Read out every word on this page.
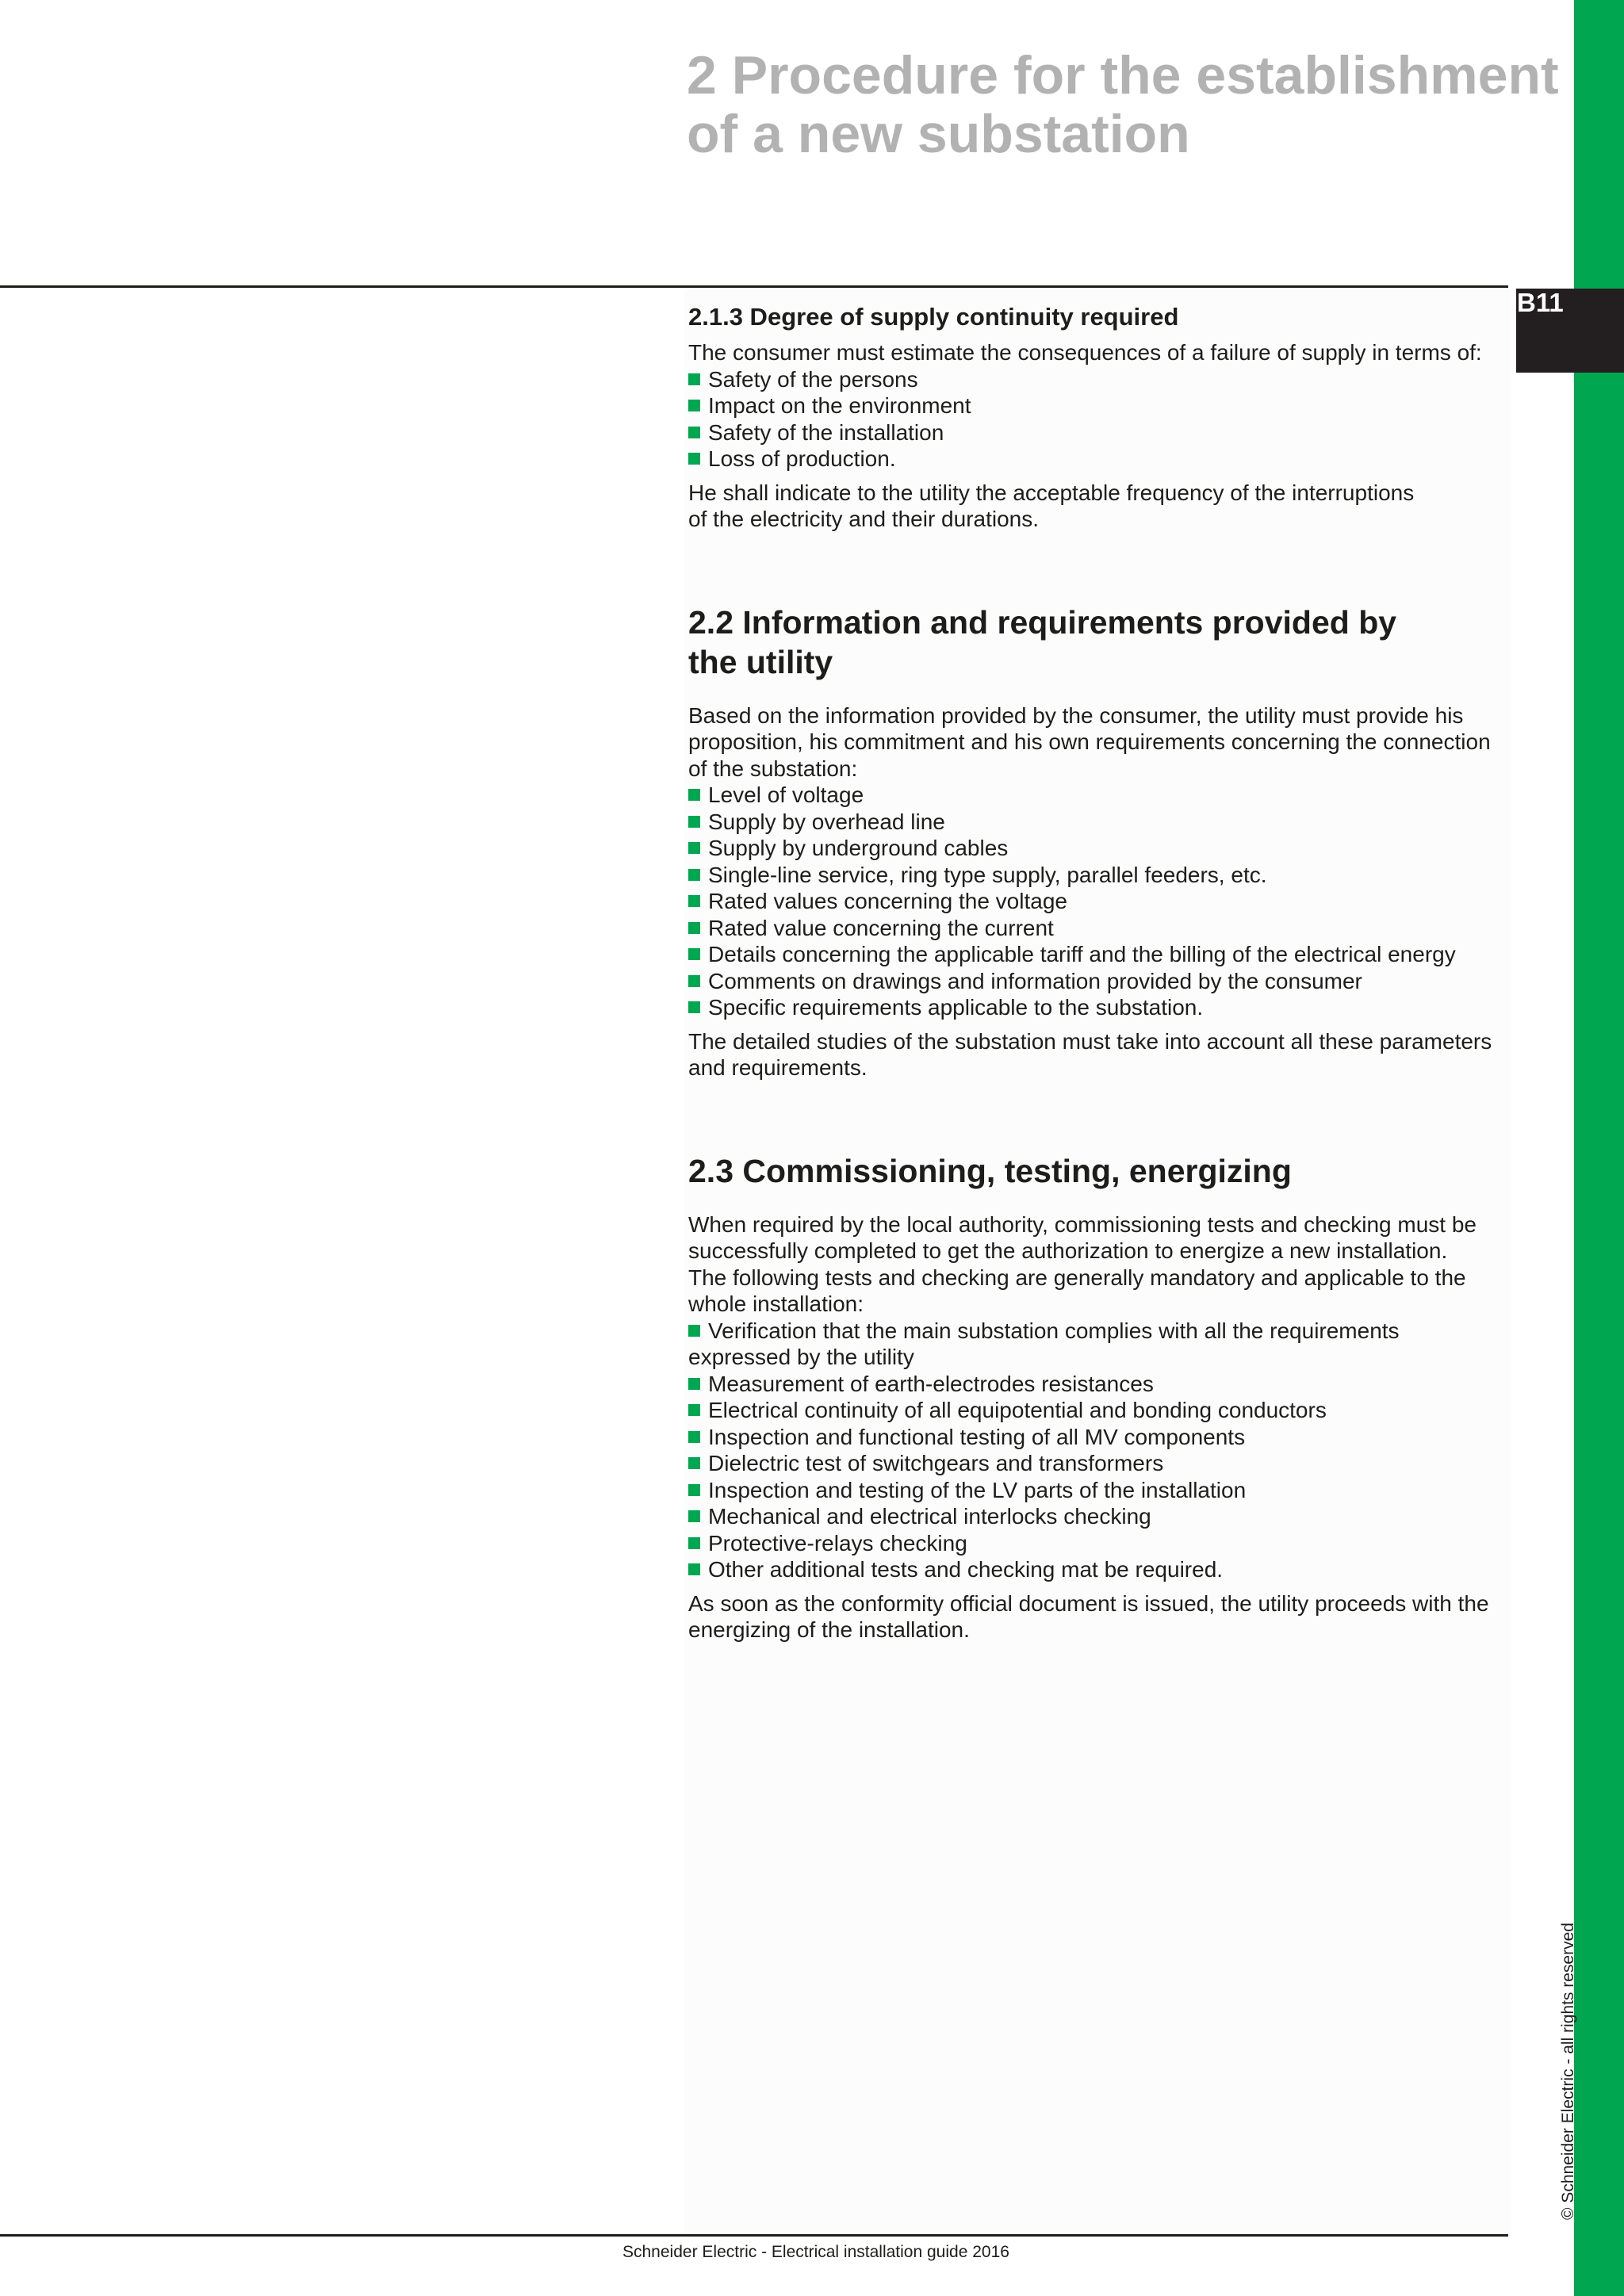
2 Procedure for the establishment of a new substation
B11
2.1.3 Degree of supply continuity required

The consumer must estimate the consequences of a failure of supply in terms of:

Safety of the persons
Impact on the environment
Safety of the installation
Loss of production.

He shall indicate to the utility the acceptable frequency of the interruptions of the electricity and their durations.

2.2 Information and requirements provided by the utility

Based on the information provided by the consumer, the utility must provide his proposition, his commitment and his own requirements concerning the connection of the substation:

Level of voltage
Supply by overhead line
Supply by underground cables
Single-line service, ring type supply, parallel feeders, etc.
Rated values concerning the voltage
Rated value concerning the current
Details concerning the applicable tariff and the billing of the electrical energy
Comments on drawings and information provided by the consumer
Specific requirements applicable to the substation.

The detailed studies of the substation must take into account all these parameters and requirements.

2.3 Commissioning, testing, energizing

When required by the local authority, commissioning tests and checking must be successfully completed to get the authorization to energize a new installation.

The following tests and checking are generally mandatory and applicable to the whole installation:

Verification that the main substation complies with all the requirements expressed by the utility
Measurement of earth-electrodes resistances
Electrical continuity of all equipotential and bonding conductors
Inspection and functional testing of all MV components
Dielectric test of switchgears and transformers
Inspection and testing of the LV parts of the installation
Mechanical and electrical interlocks checking
Protective-relays checking
Other additional tests and checking mat be required.

As soon as the conformity official document is issued, the utility proceeds with the energizing of the installation.

Schneider Electric - Electrical installation guide 2016
© Schneider Electric - all rights reserved
